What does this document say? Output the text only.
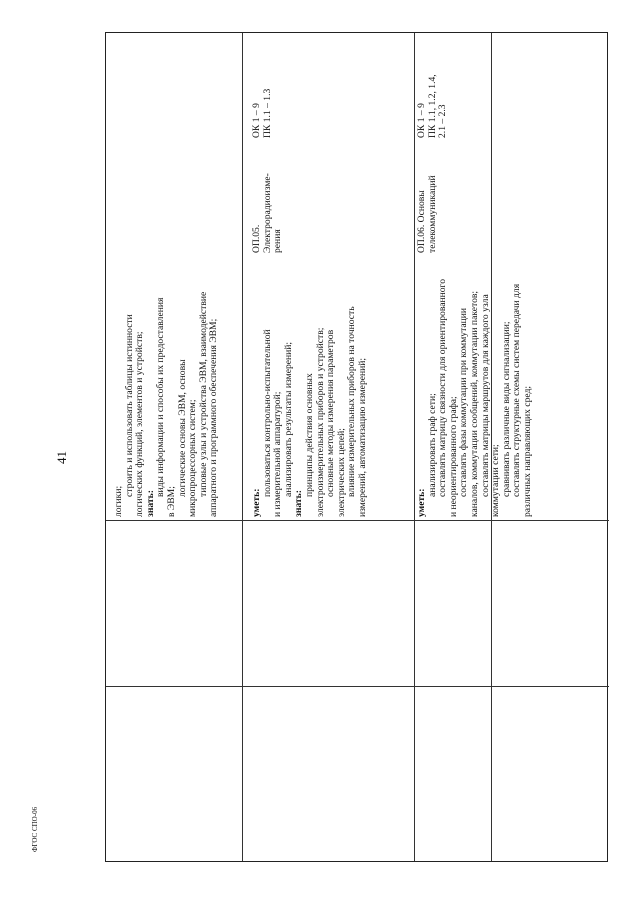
41
ФГОС СПО-06
логики;
строить и использовать таблицы истинности логических функций, элементов и устройств; знать:
виды информации и способы их предоставления
в ЭВМ;
логические основы ЭВМ, основы микропроцессорных систем; типовые узлы и устройства ЭВМ, взаимодействие аппаратного и программного обеспечения ЭВМ;	уметь:
пользоваться контрольно-испытательной и измерительной аппаратурой; анализировать результаты измерений;
знать:
принципы действия основных электроизмерительных приборов и устройств; основные методы измерения параметров электрических цепей; влияние измерительных приборов на точность измерений, автоматизацию измерений;
ОП.05. Электрорадиоизме- рения
ОК 1 – 9 ПК 1.1 – 1.3
уметь:
анализировать граф сети; составлять матрицу связности для ориентированного и неориентированного графа; составлять фазы коммутации при коммутации каналов, коммутации сообщений, коммутации пакетов; составлять матрицы маршрутов для каждого узла коммутации сети; сравнивать различные виды сигнализации; составлять структурные схемы систем передачи для различных направляющих сред;
ОП.06. Основы телекоммуникаций
ОК 1 – 9 ПК 1.1, 1.2, 1.4, 2.1 – 2.3
